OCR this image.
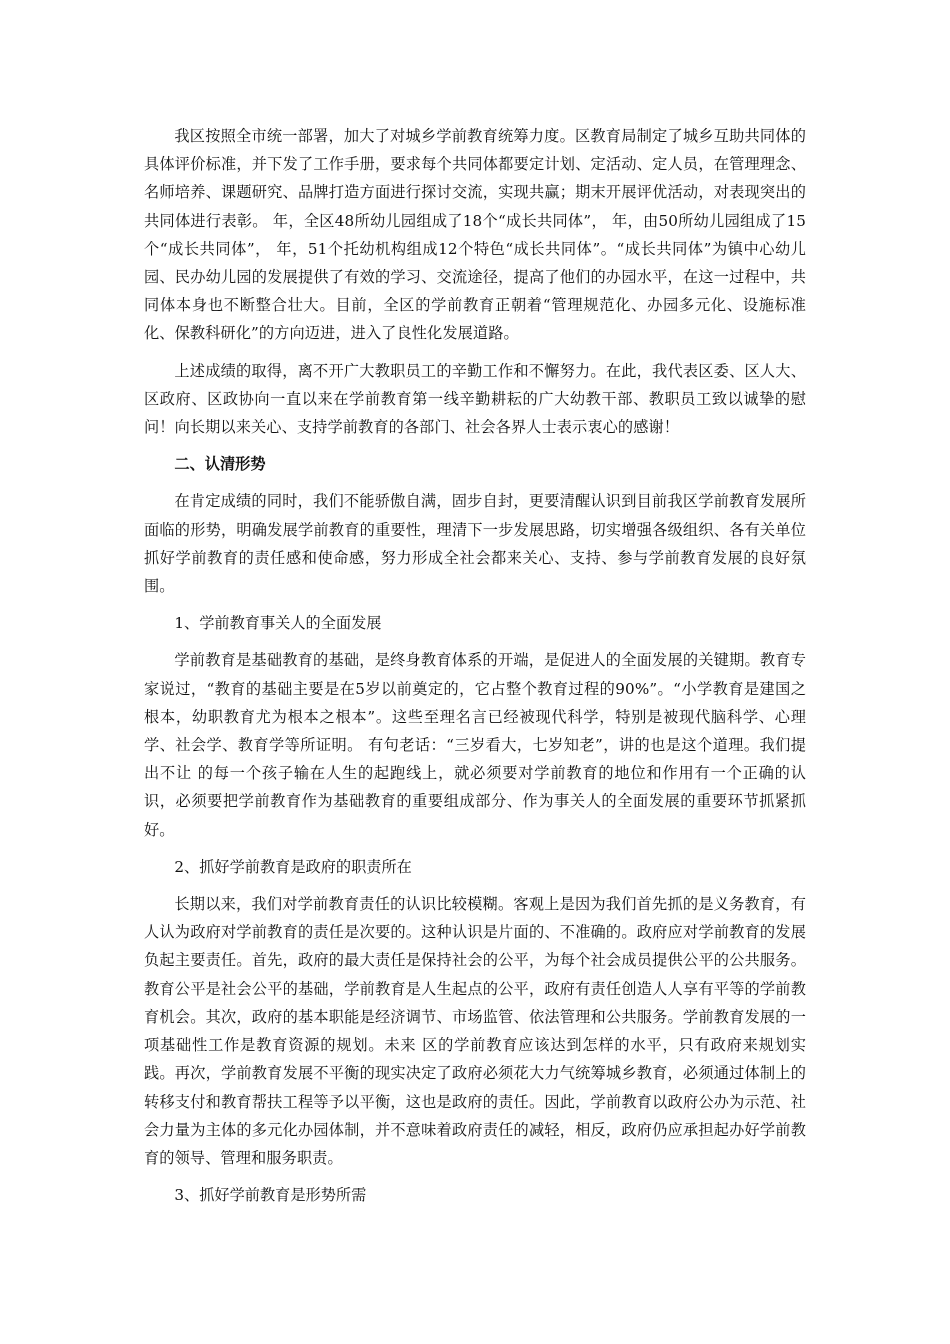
我区按照全市统一部署，加大了对城乡学前教育统筹力度。区教育局制定了城乡互助共同体的具体评价标准，并下发了工作手册，要求每个共同体都要定计划、定活动、定人员，在管理理念、名师培养、课题研究、品牌打造方面进行探讨交流，实现共赢；期末开展评优活动，对表现突出的共同体进行表彰。 年，全区48所幼儿园组成了18个“成长共同体”， 年，由50所幼儿园组成了15个“成长共同体”， 年，51个托幼机构组成12个特色“成长共同体”。“成长共同体”为镇中心幼儿园、民办幼儿园的发展提供了有效的学习、交流途径，提高了他们的办园水平，在这一过程中，共同体本身也不断整合壮大。目前，全区的学前教育正朝着“管理规范化、办园多元化、设施标准化、保教科研化”的方向迈进，进入了良性化发展道路。

上述成绩的取得，离不开广大教职员工的辛勤工作和不懈努力。在此，我代表区委、区人大、区政府、区政协向一直以来在学前教育第一线辛勤耕耘的广大幼教干部、教职员工致以诚挚的慰问！向长期以来关心、支持学前教育的各部门、社会各界人士表示衷心的感谢！

二、认清形势

在肯定成绩的同时，我们不能骄傲自满，固步自封，更要清醒认识到目前我区学前教育发展所面临的形势，明确发展学前教育的重要性，理清下一步发展思路，切实增强各级组织、各有关单位抓好学前教育的责任感和使命感，努力形成全社会都来关心、支持、参与学前教育发展的良好氛围。

1、学前教育事关人的全面发展

学前教育是基础教育的基础，是终身教育体系的开端，是促进人的全面发展的关键期。教育专家说过，“教育的基础主要是在5岁以前奠定的，它占整个教育过程的90%”。“小学教育是建国之根本，幼职教育尤为根本之根本”。这些至理名言已经被现代科学，特别是被现代脑科学、心理学、社会学、教育学等所证明。 有句老话：“三岁看大，七岁知老”，讲的也是这个道理。我们提出不让 的每一个孩子输在人生的起跑线上，就必须要对学前教育的地位和作用有一个正确的认识，必须要把学前教育作为基础教育的重要组成部分、作为事关人的全面发展的重要环节抓紧抓好。

2、抓好学前教育是政府的职责所在

长期以来，我们对学前教育责任的认识比较模糊。客观上是因为我们首先抓的是义务教育，有人认为政府对学前教育的责任是次要的。这种认识是片面的、不准确的。政府应对学前教育的发展负起主要责任。首先，政府的最大责任是保持社会的公平，为每个社会成员提供公平的公共服务。教育公平是社会公平的基础，学前教育是人生起点的公平，政府有责任创造人人享有平等的学前教育机会。其次，政府的基本职能是经济调节、市场监管、依法管理和公共服务。学前教育发展的一项基础性工作是教育资源的规划。未来 区的学前教育应该达到怎样的水平，只有政府来规划实践。再次，学前教育发展不平衡的现实决定了政府必须花大力气统筹城乡教育，必须通过体制上的转移支付和教育帮扶工程等予以平衡，这也是政府的责任。因此，学前教育以政府公办为示范、社会力量为主体的多元化办园体制，并不意味着政府责任的减轻，相反，政府仍应承担起办好学前教育的领导、管理和服务职责。

3、抓好学前教育是形势所需
